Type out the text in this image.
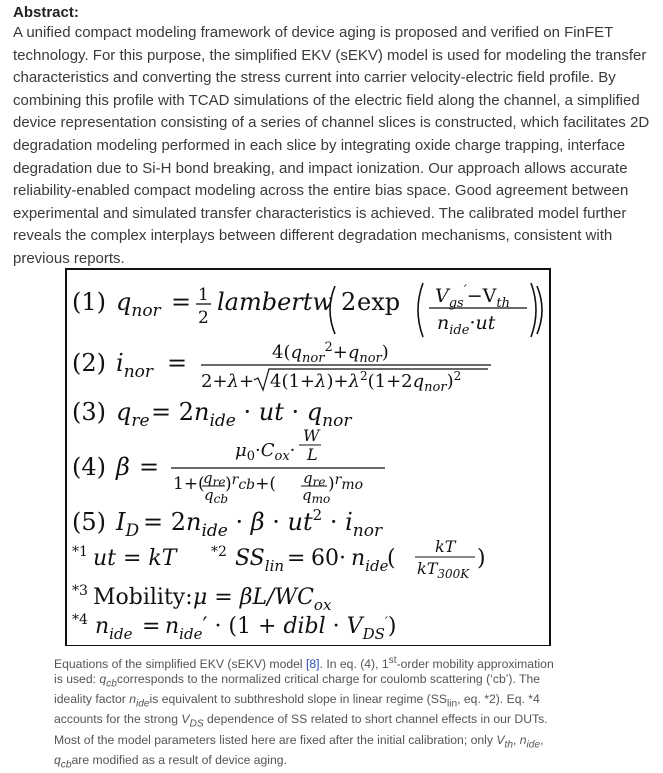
Abstract:
A unified compact modeling framework of device aging is proposed and verified on FinFET technology. For this purpose, the simplified EKV (sEKV) model is used for modeling the transfer characteristics and converting the stress current into carrier velocity-electric field profile. By combining this profile with TCAD simulations of the electric field along the channel, a simplified device representation consisting of a series of channel slices is constructed, which facilitates 2D degradation modeling performed in each slice by integrating oxide charge trapping, interface degradation due to Si-H bond breaking, and impact ionization. Our approach allows accurate reliability-enabled compact modeling across the entire bias space. Good agreement between experimental and simulated transfer characteristics is achieved. The calibrated model further reveals the complex interplays between different degradation mechanisms, consistent with previous reports.
(1) $q_{nor} = 1$
2
lambertw 2 $\exp V_{gs}'-V_{th}$
$n_{ide}\cdot ut$
(2) $i_{nor}$ =	$4(q_{nor}^2+q_{nor})$
$2+\lambda+ 4(1+\lambda)+\lambda^2(1+2q_{nor})^2$
(3) $q_{re} = 2n_{ide}$ · ut · $q_{nor}$
(4) β =
W
L
$\mu_0\cdot C_{ox}\cdot$
1+(
$q_{re}$
$q_{cb}$
)$^r_{cb}$+( $q_{re}$
$q_{mo}$
)$^r_{mo}$
(5) $I_D = 2n_{ide} \cdot \beta \cdot ut^2 \cdot i_{nor}$
*1 ut = kT *2 $SS_{lin} = 60 \cdot n_{ide}$
( kT
$kT_{300K}$
)
*3 Mobility: $\mu = \beta L/WC_{ox}$
*4 $n_{ide} = n_{ide}' \cdot (1$ + dibl · $V_{DS}'$)
Equations of the simplified EKV (sEKV) model [8]. In eq. (4), 1st-order mobility approximation is used: $q_{cb}corresponds$ to the normalized critical charge for coulomb scattering (‘cb’). The ideality factor $n_{ide}is$ equivalent to subthreshold slope in linear regime ($SS_{lin}$, eq. *2). Eq. *4 accounts for the strong $V_{DS}$ dependence of SS related to short channel effects in our DUTs. Most of the model parameters listed here are fixed after the initial calibration; only $V_{th}$, $n_{ide}$, $q_{cb}are$ modified as a result of device aging.
